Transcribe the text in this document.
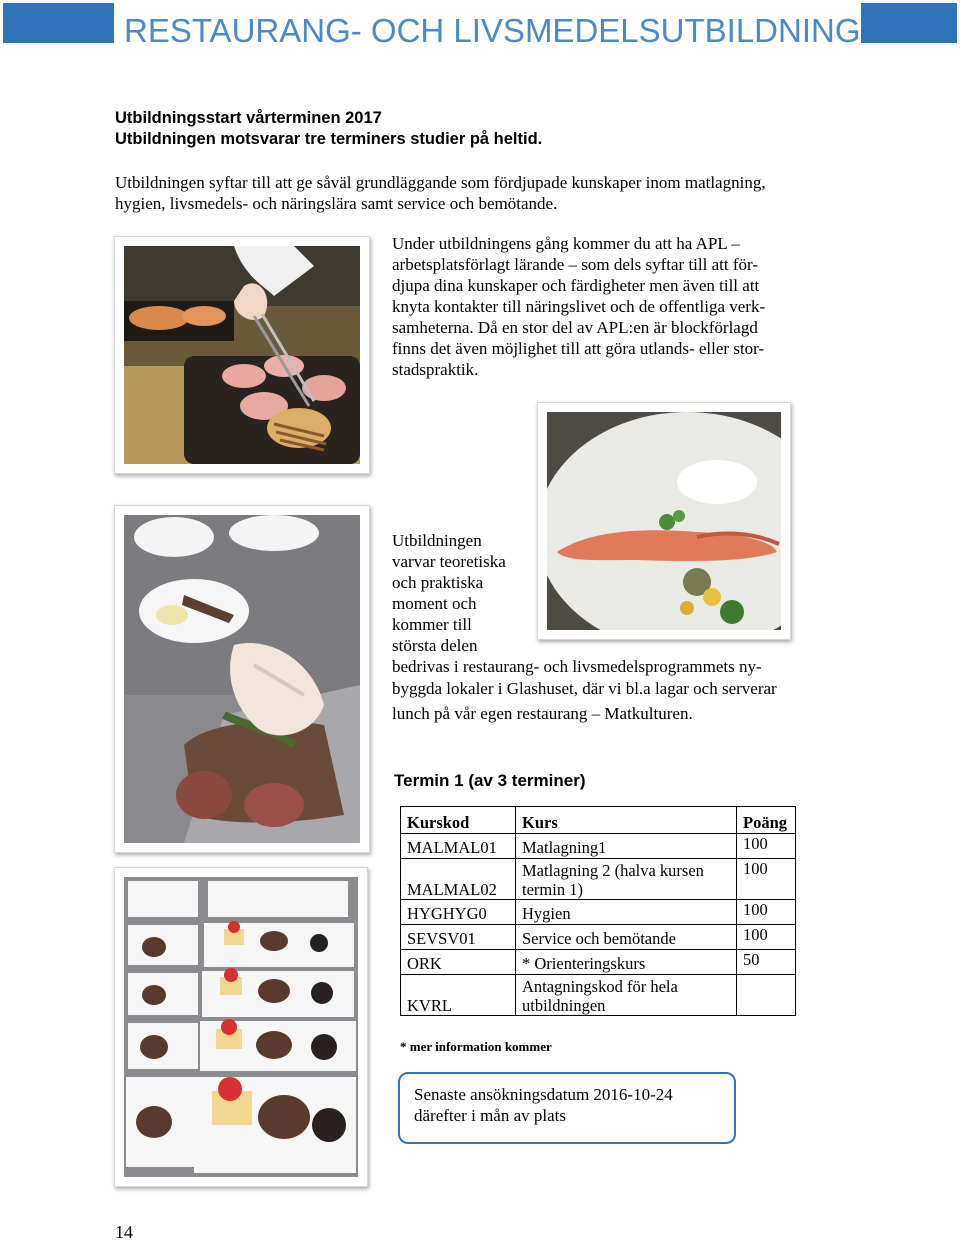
RESTAURANG- OCH LIVSMEDELSUTBILDNING
Utbildningsstart vårterminen 2017
Utbildningen motsvarar tre terminers studier på heltid.
Utbildningen syftar till att ge såväl grundläggande som fördjupade kunskaper inom matlagning,
hygien, livsmedels- och näringslära samt service och bemötande.
Under utbildningens gång kommer du att ha APL –
arbetsplatsförlagt lärande – som dels syftar till att för-
djupa dina kunskaper och färdigheter men även till att
knyta kontakter till näringslivet och de offentliga verk-
samheterna. Då en stor del av APL:en är blockförlagd
finns det även möjlighet till att göra utlands- eller stor-
stadspraktik.
Utbildningen
varvar teoretiska
och praktiska
moment och
kommer till
största delen
bedrivas i restaurang- och livsmedelsprogrammets ny-
byggda lokaler i Glashuset, där vi bl.a lagar och serverar
lunch på vår egen restaurang – Matkulturen.
Termin 1 (av 3 terminer)
Kurskod	Kurs	Poäng
MALMAL01	Matlagning1	100
MALMAL02	Matlagning 2 (halva kursen
termin 1)	100
HYGHYG0	Hygien	100
SEVSV01	Service och bemötande	100
ORK	* Orienteringskurs	50
KVRL	Antagningskod för hela
utbildningen	

* mer information kommer
Senaste ansökningsdatum 2016-10-24
därefter i mån av plats
14
